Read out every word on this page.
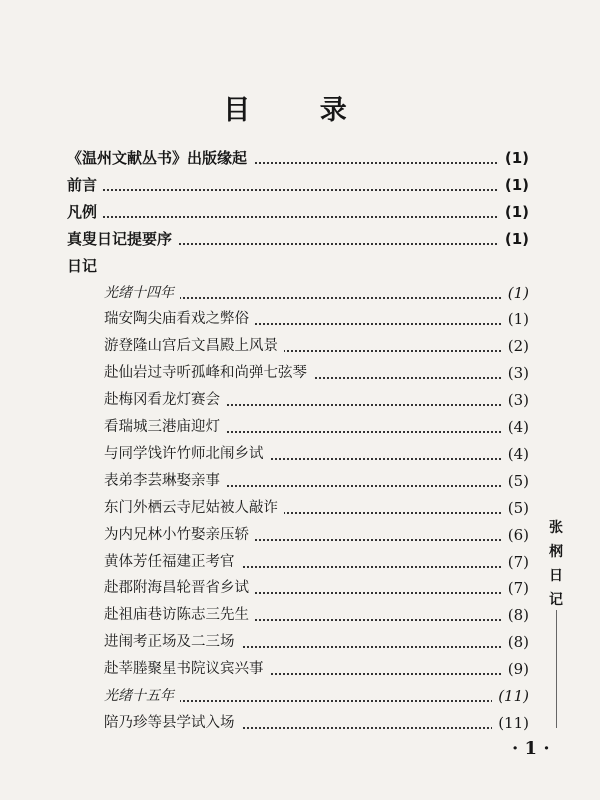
目 录
《温州文献丛书》出版缘起	(1)
前言	(1)
凡例	(1)
真叟日记提要序	(1)
日记
光绪十四年	(1)
瑞安陶尖庙看戏之弊俗	(1)
游登隆山宫后文昌殿上风景	(2)
赴仙岩过寺听孤峰和尚弹七弦琴	(3)
赴梅冈看龙灯赛会	(3)
看瑞城三港庙迎灯	(4)
与同学饯许竹师北闱乡试	(4)
表弟李芸琳娶亲事	(5)
东门外栖云寺尼姑被人敲诈	(5)
为内兄林小竹娶亲压轿	(6)
黄体芳任福建正考官	(7)
赴郡附海昌轮晋省乡试	(7)
赴祖庙巷访陈志三先生	(8)
进闱考正场及二三场	(8)
赴莘塍聚星书院议宾兴事	(9)
光绪十五年	(11)
陪乃珍等县学试入场	(11)
张
㭎
日
记
· 1 ·
